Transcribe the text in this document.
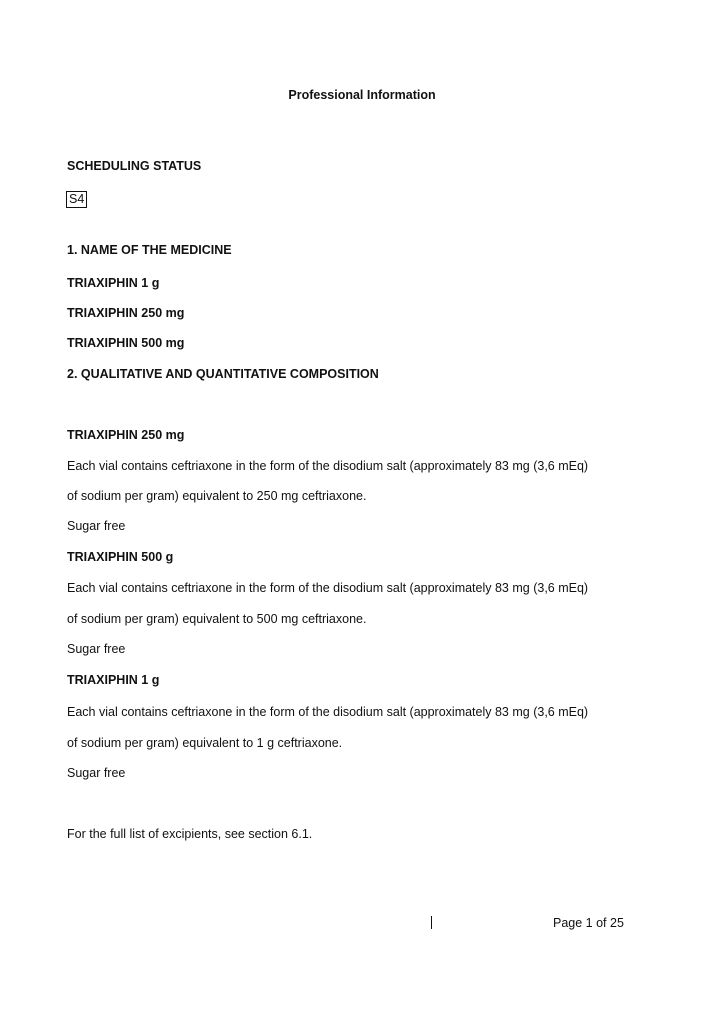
Professional Information
SCHEDULING STATUS
S4
1. NAME OF THE MEDICINE
TRIAXIPHIN 1 g
TRIAXIPHIN 250 mg
TRIAXIPHIN 500 mg
2. QUALITATIVE AND QUANTITATIVE COMPOSITION
TRIAXIPHIN 250 mg
Each vial contains ceftriaxone in the form of the disodium salt (approximately 83 mg (3,6 mEq)
of sodium per gram) equivalent to 250 mg ceftriaxone.
Sugar free
TRIAXIPHIN 500 g
Each vial contains ceftriaxone in the form of the disodium salt (approximately 83 mg (3,6 mEq)
of sodium per gram) equivalent to 500 mg ceftriaxone.
Sugar free
TRIAXIPHIN 1 g
Each vial contains ceftriaxone in the form of the disodium salt (approximately 83 mg (3,6 mEq)
of sodium per gram) equivalent to 1 g ceftriaxone.
Sugar free
For the full list of excipients, see section 6.1.
Page 1 of 25
